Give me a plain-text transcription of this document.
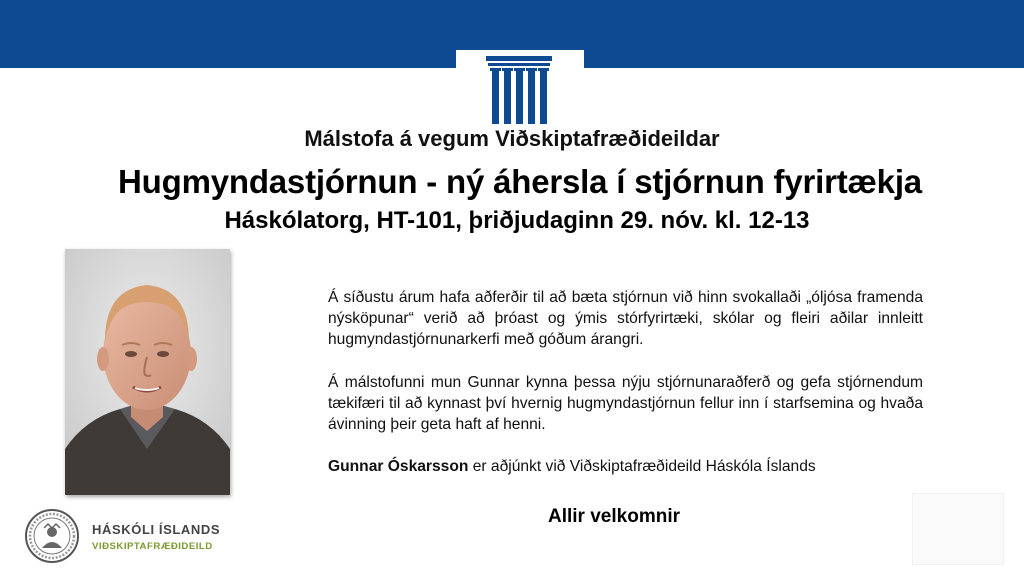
Málstofa á vegum Viðskiptafræðideildar
Hugmyndastjórnun - ný áhersla í stjórnun fyrirtækja
Háskólatorg, HT-101, þriðjudaginn 29. nóv. kl. 12-13

Á síðustu árum hafa aðferðir til að bæta stjórnun við hinn svokallaði „óljósa framenda nýsköpunar“ verið að þróast og ýmis stórfyrirtæki, skólar og fleiri aðilar innleitt hugmyndastjórnunarkerfi með góðum árangri.

Á málstofunni mun Gunnar kynna þessa nýju stjórnunaraðferð og gefa stjórnendum tækifæri til að kynnast því hvernig hugmyndastjórnun fellur inn í starfsemina og hvaða ávinning þeir geta haft af henni.

Gunnar Óskarsson er aðjúnkt við Viðskiptafræðideild Háskóla Íslands

Allir velkomnir
HÁSKÓLI ÍSLANDS
VIÐSKIPTAFRÆÐIDEILD
